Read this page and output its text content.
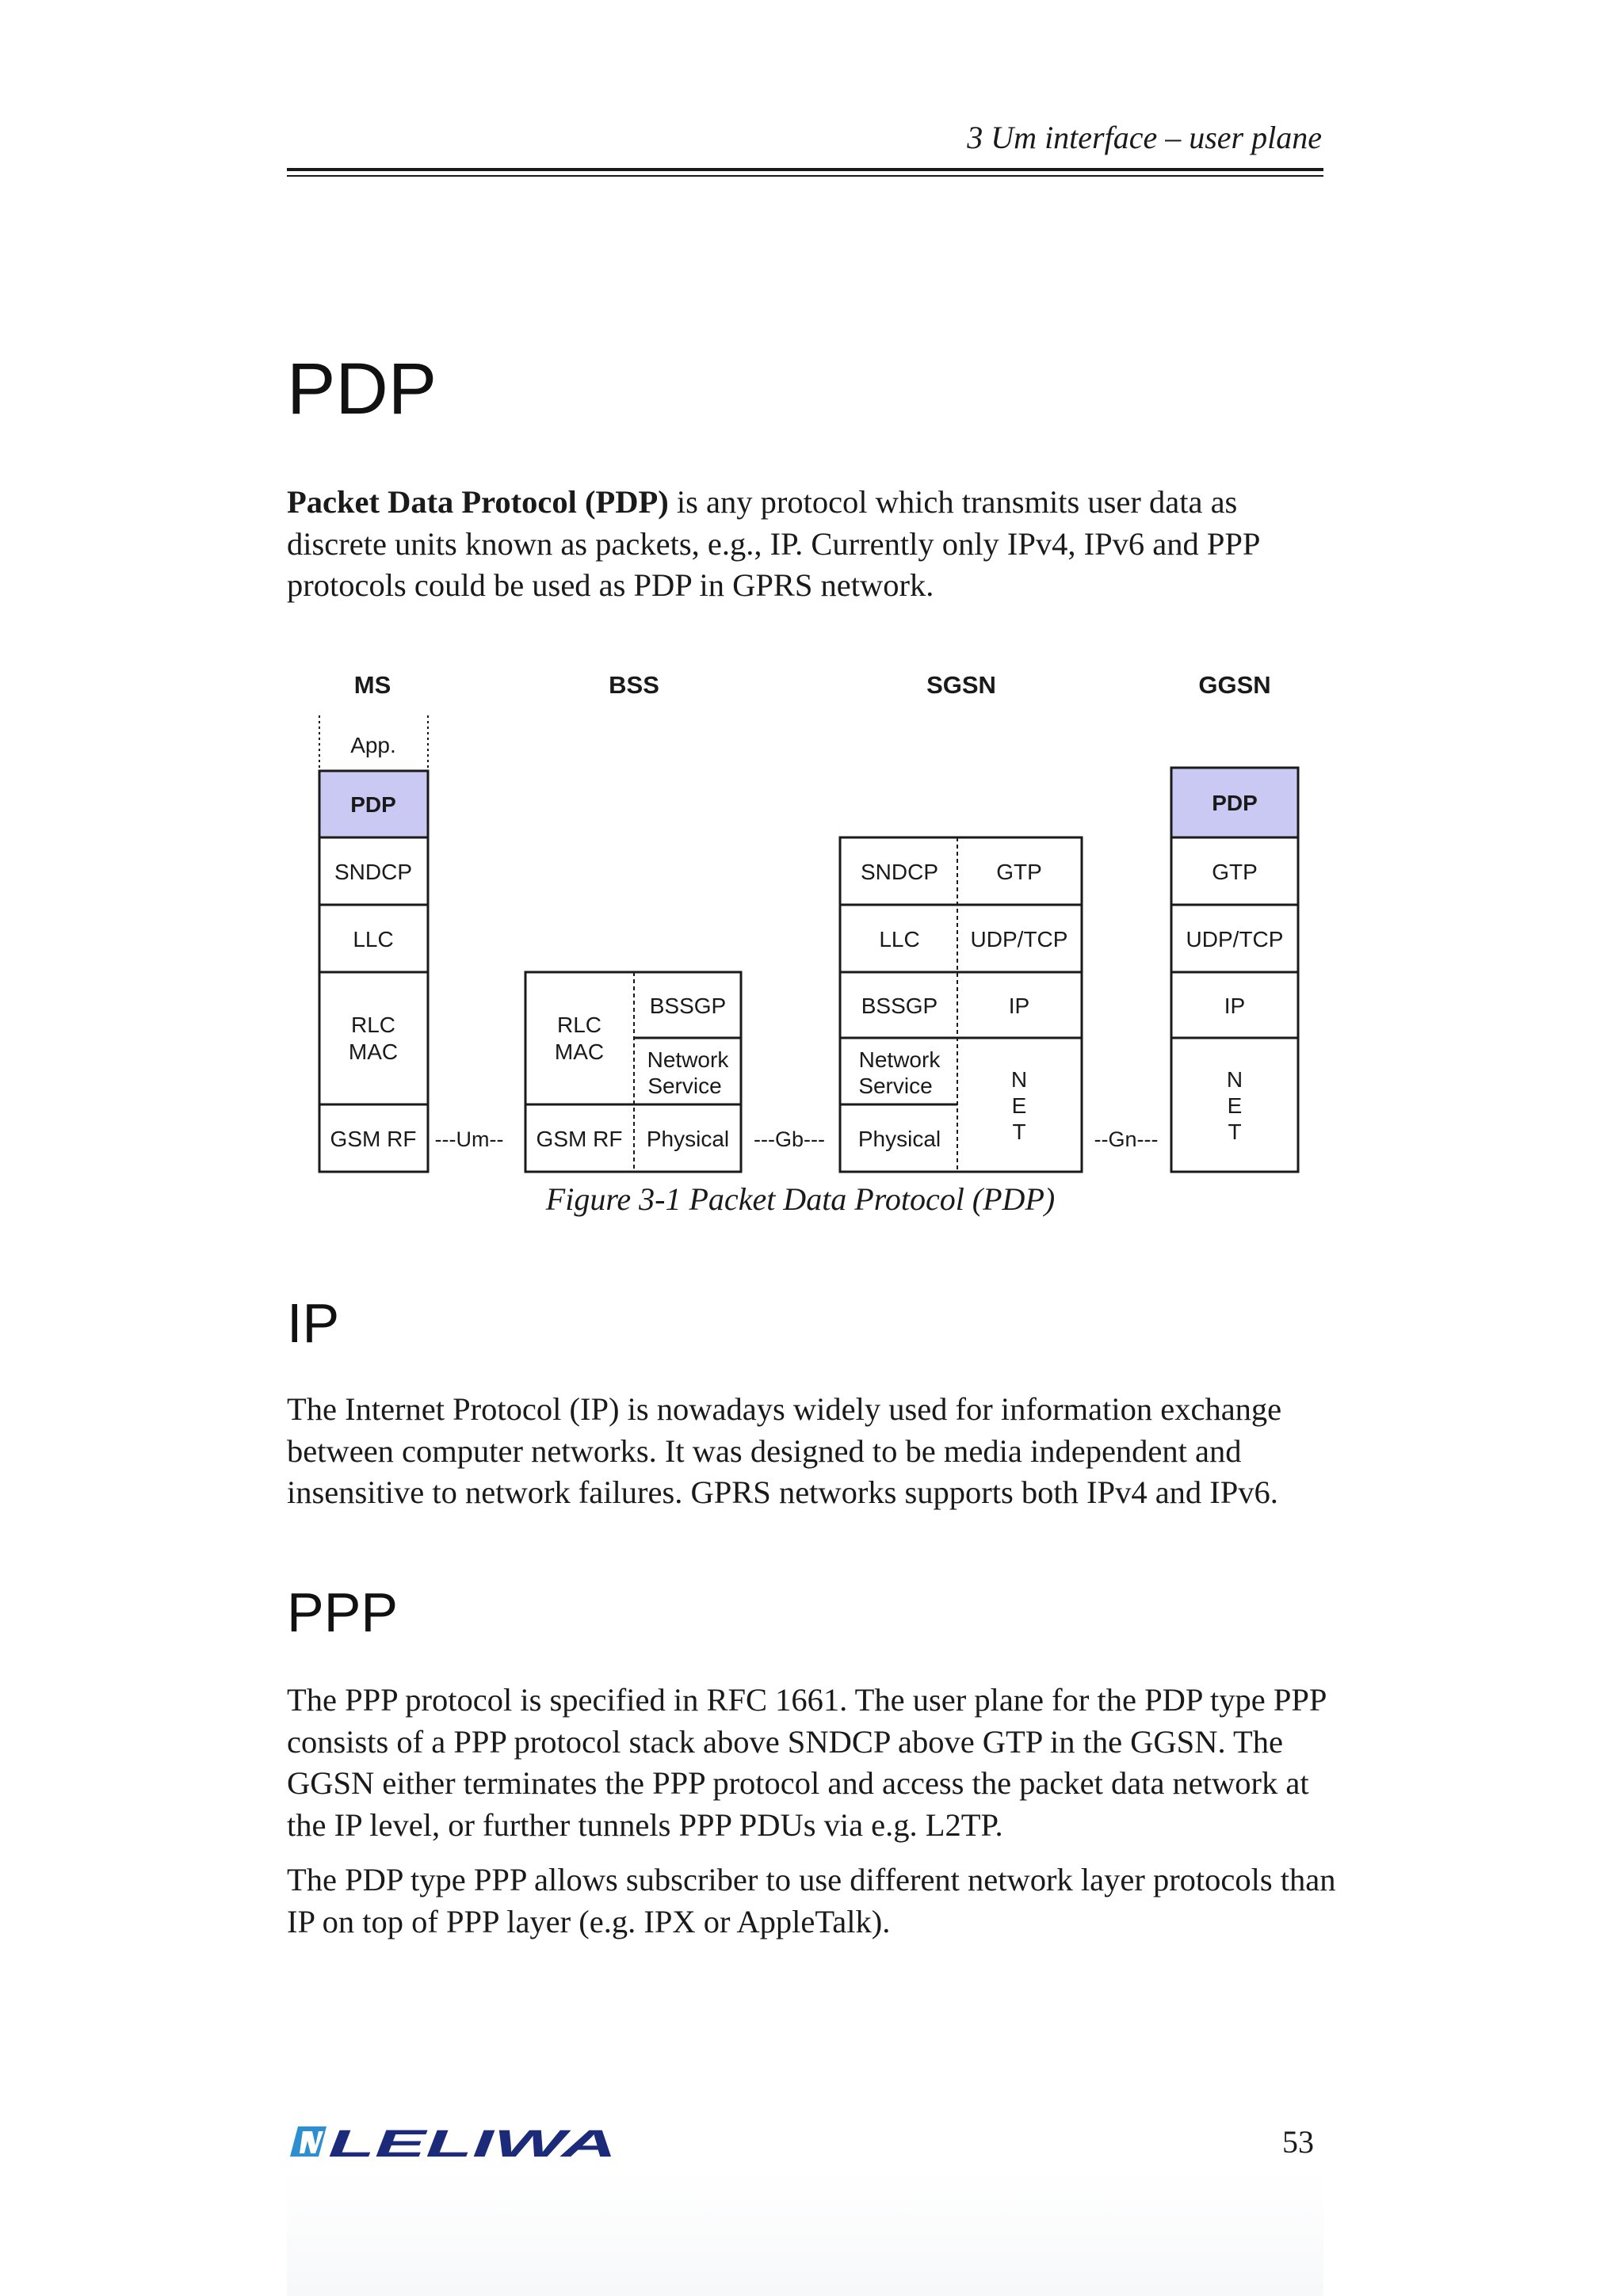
3 Um interface – user plane
PDP

Packet Data Protocol (PDP) is any protocol which transmits user data as discrete units known as packets, e.g., IP. Currently only IPv4, IPv6 and PPP protocols could be used as PDP in GPRS network.

MS	BSS	SGSN	GGSN
App.
PDP
SNDCP
LLC
RLC
MAC
GSM RF ---Um--
RLC
MAC
GSM RF
BSSGP
Network
Service
Physical ---Gb---
SNDCP
LLC
BSSGP
Network
Service
Physical
GTP
UDP/TCP
IP
N
E
T	--Gn---
PDP
GTP
UDP/TCP
IP
N
E
T
Figure 3-1 Packet Data Protocol (PDP)
IP

The Internet Protocol (IP) is nowadays widely used for information exchange between computer networks. It was designed to be media independent and insensitive to network failures. GPRS networks supports both IPv4 and IPv6.

PPP

The PPP protocol is specified in RFC 1661. The user plane for the PDP type PPP consists of a PPP protocol stack above SNDCP above GTP in the GGSN. The GGSN either terminates the PPP protocol and access the packet data network at the IP level, or further tunnels PPP PDUs via e.g. L2TP.

The PDP type PPP allows subscriber to use different network layer protocols than IP on top of PPP layer (e.g. IPX or AppleTalk).

LELIWA	53
